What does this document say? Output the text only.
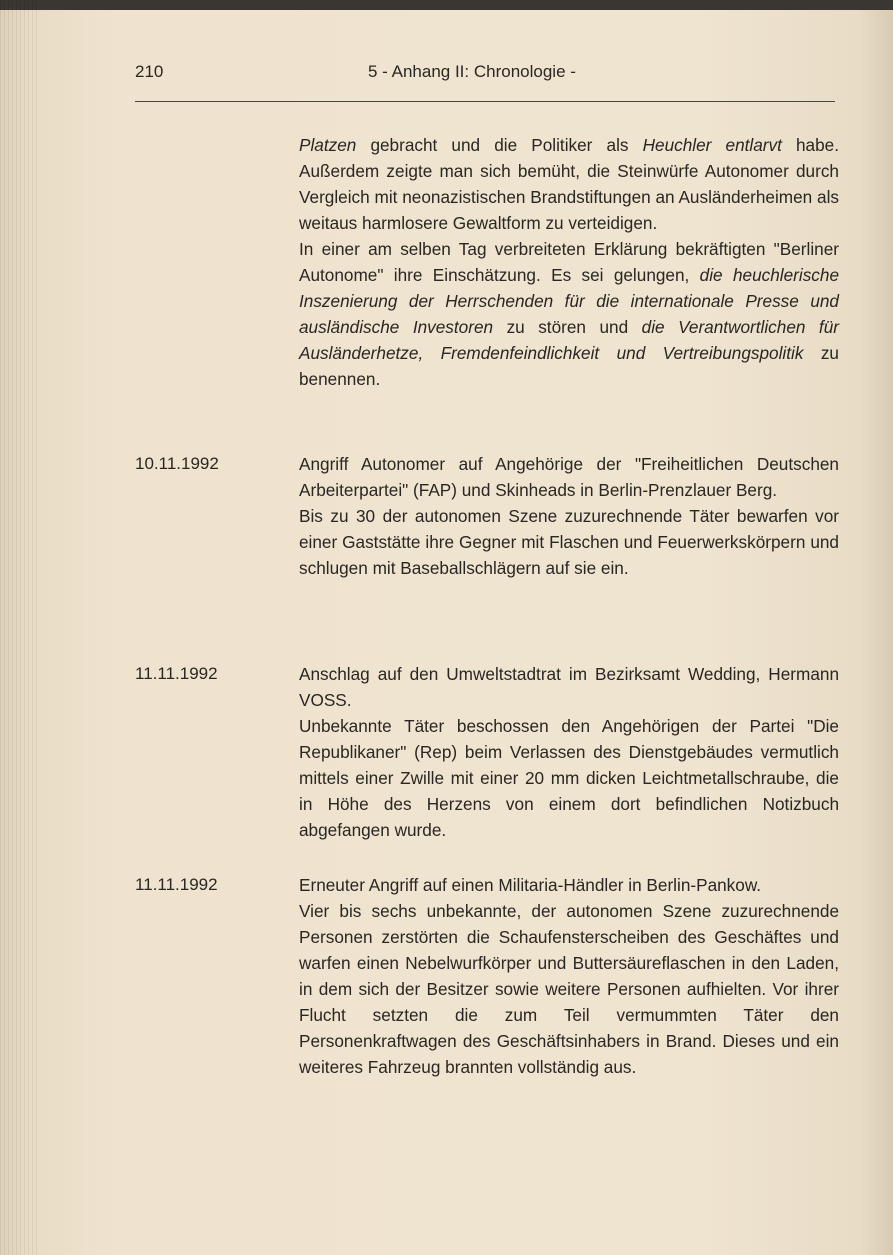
210	5 - Anhang II: Chronologie -

Platzen gebracht und die Politiker als Heuchler entlarvt habe. Außerdem zeigte man sich bemüht, die Steinwürfe Autonomer durch Vergleich mit neonazistischen Brandstiftungen an Ausländerheimen als weitaus harmlosere Gewaltform zu verteidigen.

In einer am selben Tag verbreiteten Erklärung bekräftigten "Berliner Autonome" ihre Einschätzung. Es sei gelungen, die heuchlerische Inszenierung der Herrschenden für die internationale Presse und ausländische Investoren zu stören und die Verantwortlichen für Ausländerhetze, Fremdenfeindlichkeit und Vertreibungspolitik zu benennen.

10.11.1992	Angriff Autonomer auf Angehörige der "Freiheitlichen Deutschen Arbeiterpartei" (FAP) und Skinheads in Berlin-Prenzlauer Berg.

Bis zu 30 der autonomen Szene zuzurechnende Täter bewarfen vor einer Gaststätte ihre Gegner mit Flaschen und Feuerwerkskörpern und schlugen mit Baseballschlägern auf sie ein.

11.11.1992	Anschlag auf den Umweltstadtrat im Bezirksamt Wedding, Hermann VOSS.

Unbekannte Täter beschossen den Angehörigen der Partei "Die Republikaner" (Rep) beim Verlassen des Dienstgebäudes vermutlich mittels einer Zwille mit einer 20 mm dicken Leichtmetallschraube, die in Höhe des Herzens von einem dort befindlichen Notizbuch abgefangen wurde.

11.11.1992	Erneuter Angriff auf einen Militaria-Händler in Berlin-Pankow.

Vier bis sechs unbekannte, der autonomen Szene zuzurechnende Personen zerstörten die Schaufensterscheiben des Geschäftes und warfen einen Nebelwurfkörper und Buttersäureflaschen in den Laden, in dem sich der Besitzer sowie weitere Personen aufhielten. Vor ihrer Flucht setzten die zum Teil vermummten Täter den Personenkraftwagen des Geschäftsinhabers in Brand. Dieses und ein weiteres Fahrzeug brannten vollständig aus.
